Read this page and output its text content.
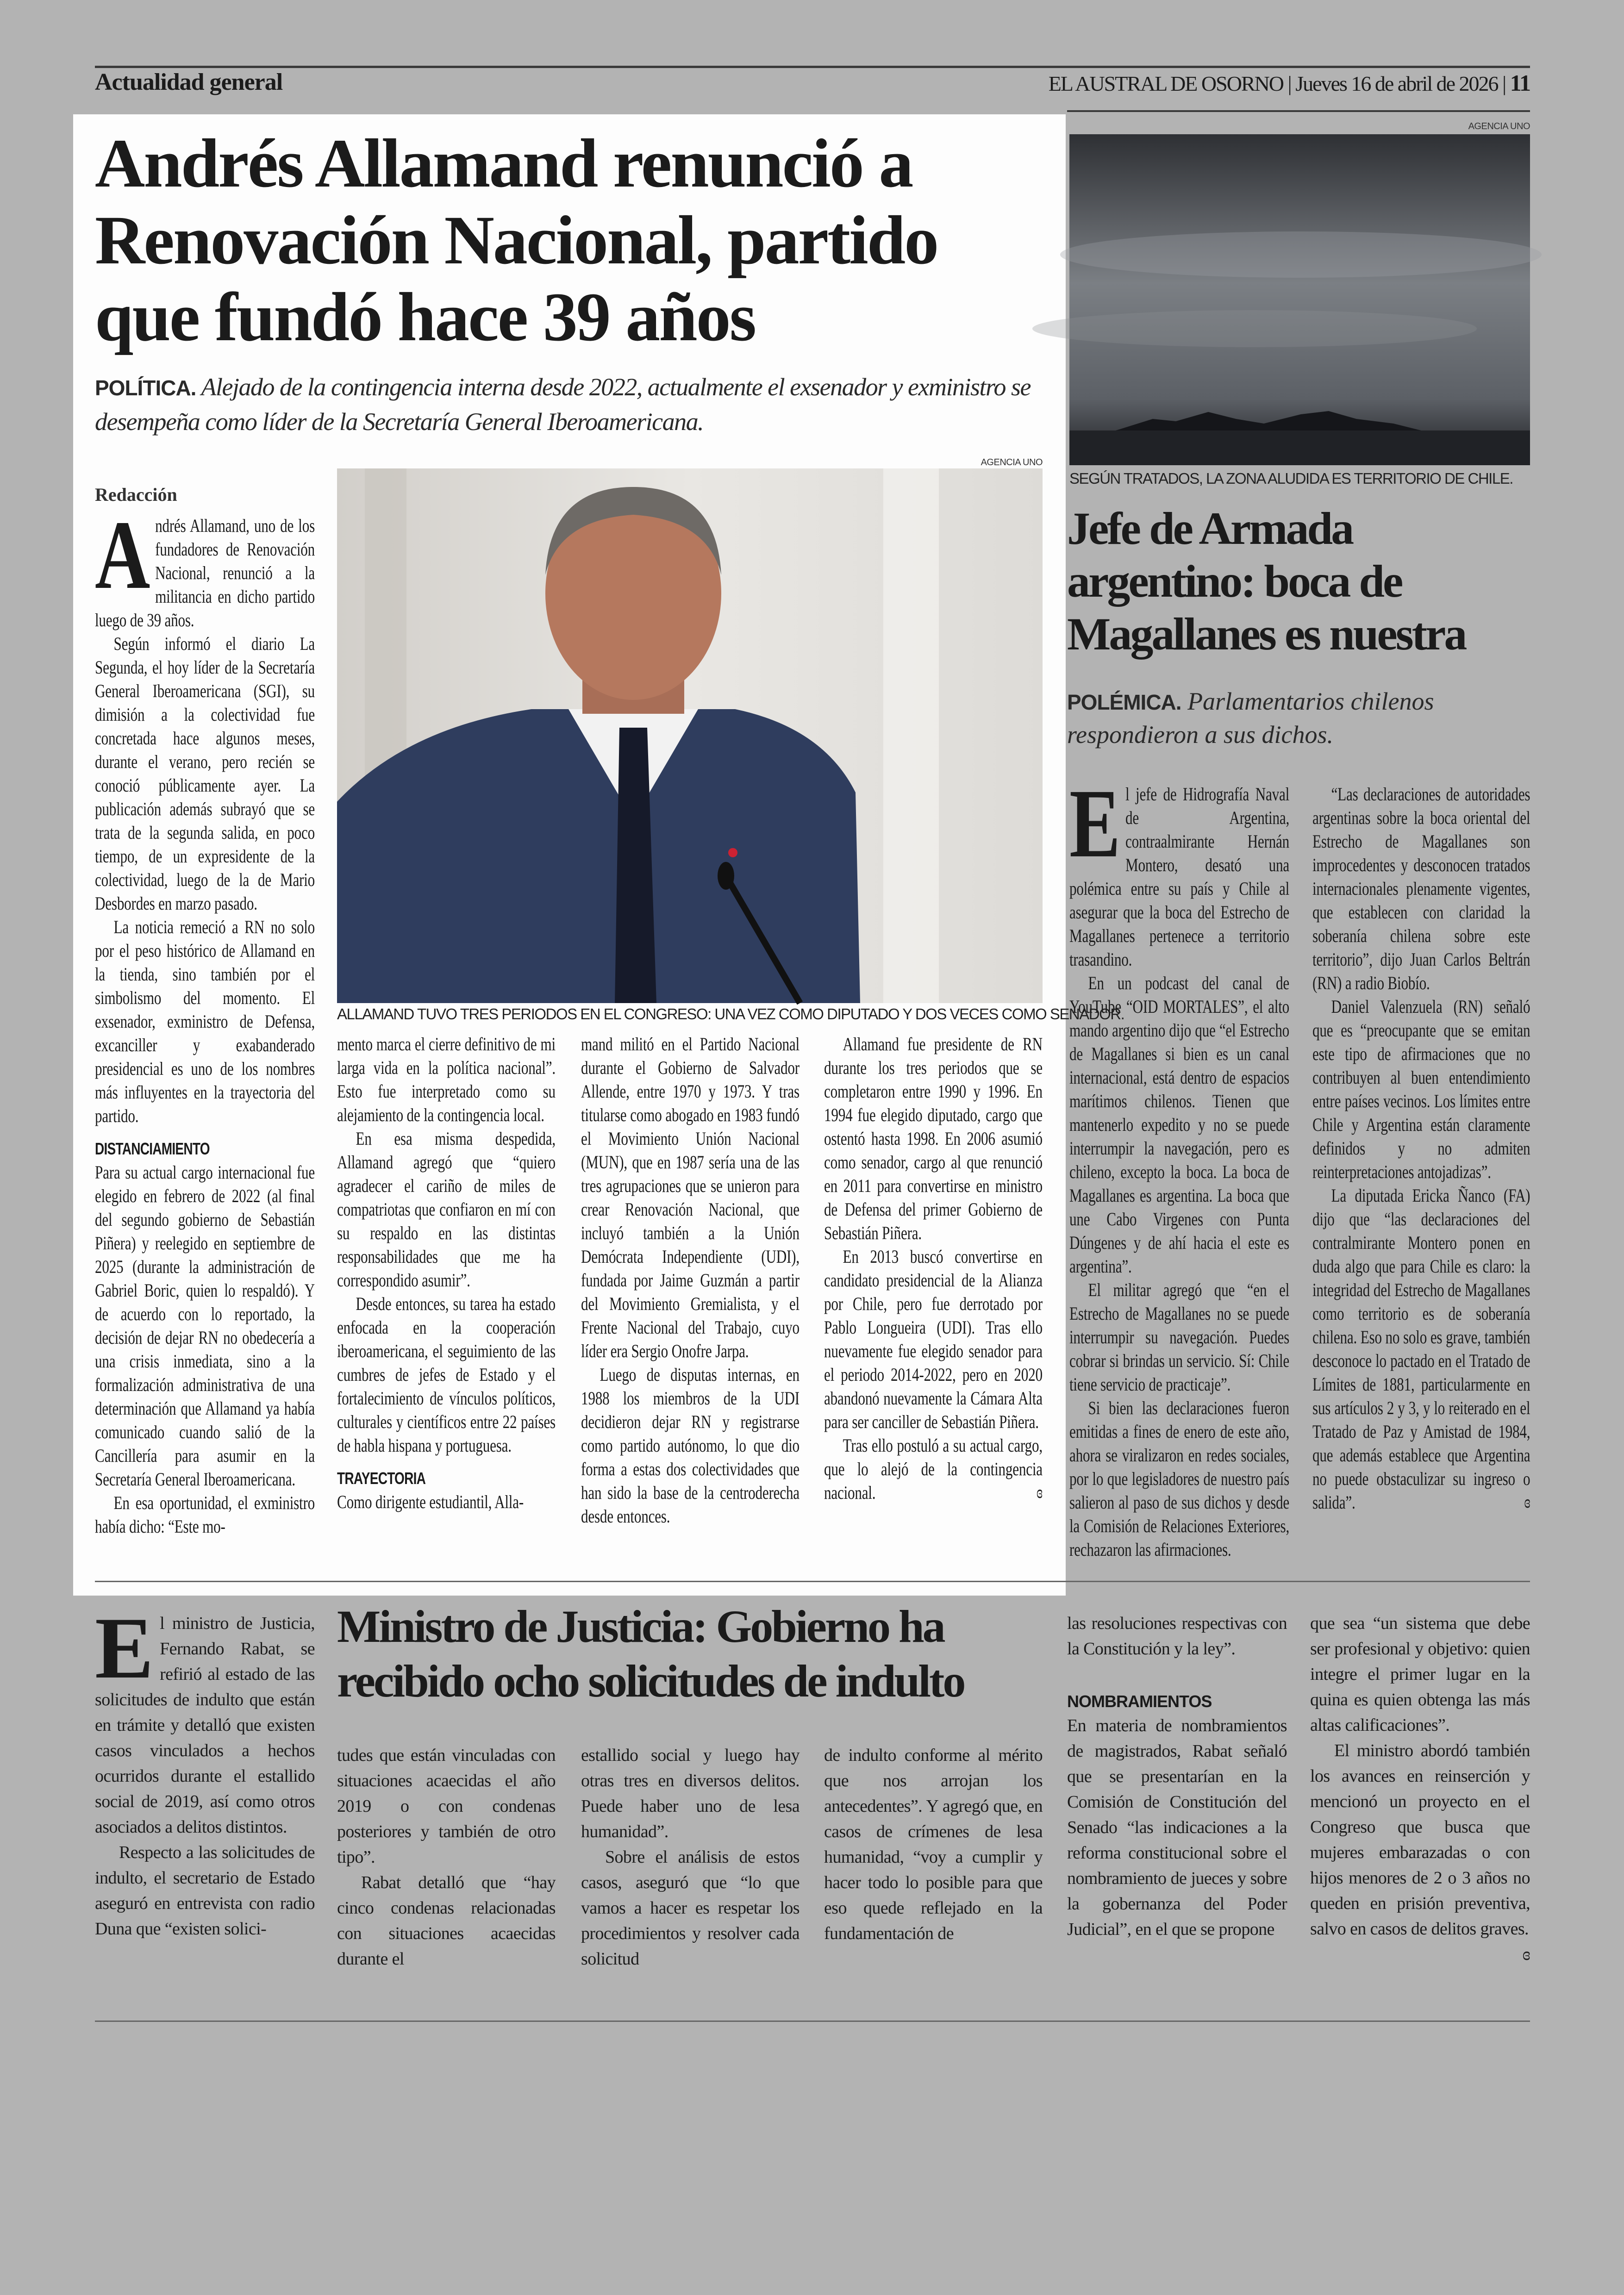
Actualidad general	EL AUSTRAL DE OSORNO | Jueves 16 de abril de 2026 | 11
Andrés Allamand renunció a
Renovación Nacional, partido
que fundó hace 39 años
POLÍTICA. Alejado de la contingencia interna desde 2022, actualmente el exsenador y exministro se desempeña como líder de la Secretaría General Iberoamericana.
Redacción
AGENCIA UNO
ALLAMAND TUVO TRES PERIODOS EN EL CONGRESO: UNA VEZ COMO DIPUTADO Y DOS VECES COMO SENADOR.
A ndrés Allamand, uno de los fundadores de Renovación Nacional, renunció a la militancia en dicho partido luego de 39 años.

Según informó el diario La Segunda, el hoy líder de la Secretaría General Iberoamericana (SGI), su dimisión a la colectividad fue concretada hace algunos meses, durante el verano, pero recién se conoció públicamente ayer. La publicación además subrayó que se trata de la segunda salida, en poco tiempo, de un expresidente de la colectividad, luego de la de Mario Desbordes en marzo pasado.

La noticia remeció a RN no solo por el peso histórico de Allamand en la tienda, sino también por el simbolismo del momento. El exsenador, exministro de Defensa, excanciller y exabanderado presidencial es uno de los nombres más influyentes en la trayectoria del partido.

DISTANCIAMIENTO

Para su actual cargo internacional fue elegido en febrero de 2022 (al final del segundo gobierno de Sebastián Piñera) y reelegido en septiembre de 2025 (durante la administración de Gabriel Boric, quien lo respaldó). Y de acuerdo con lo reportado, la decisión de dejar RN no obedecería a una crisis inmediata, sino a la formalización administrativa de una determinación que Allamand ya había comunicado cuando salió de la Cancillería para asumir en la Secretaría General Iberoamericana.

En esa oportunidad, el exministro había dicho: “Este mo-

mento marca el cierre definitivo de mi larga vida en la política nacional”. Esto fue interpretado como su alejamiento de la contingencia local.

En esa misma despedida, Allamand agregó que “quiero agradecer el cariño de miles de compatriotas que confiaron en mí con su respaldo en las distintas responsabilidades que me ha correspondido asumir”.

Desde entonces, su tarea ha estado enfocada en la cooperación iberoamericana, el seguimiento de las cumbres de jefes de Estado y el fortalecimiento de vínculos políticos, culturales y científicos entre 22 países de habla hispana y portuguesa.

TRAYECTORIA

Como dirigente estudiantil, Alla-

mand militó en el Partido Nacional durante el Gobierno de Salvador Allende, entre 1970 y 1973. Y tras titularse como abogado en 1983 fundó el Movimiento Unión Nacional (MUN), que en 1987 sería una de las tres agrupaciones que se unieron para crear Renovación Nacional, que incluyó también a la Unión Demócrata Independiente (UDI), fundada por Jaime Guzmán a partir del Movimiento Gremialista, y el Frente Nacional del Trabajo, cuyo líder era Sergio Onofre Jarpa.

Luego de disputas internas, en 1988 los miembros de la UDI decidieron dejar RN y registrarse como partido autónomo, lo que dio forma a estas dos colectividades que han sido la base de la centroderecha desde entonces.

Allamand fue presidente de RN durante los tres periodos que se completaron entre 1990 y 1996. En 1994 fue elegido diputado, cargo que ostentó hasta 1998. En 2006 asumió como senador, cargo al que renunció en 2011 para convertirse en ministro de Defensa del primer Gobierno de Sebastián Piñera.

En 2013 buscó convertirse en candidato presidencial de la Alianza por Chile, pero fue derrotado por Pablo Longueira (UDI). Tras ello nuevamente fue elegido senador para el periodo 2014-2022, pero en 2020 abandonó nuevamente la Cámara Alta para ser canciller de Sebastián Piñera.

Tras ello postuló a su actual cargo, que lo alejó de la contingencia nacional.	ɞ

AGENCIA UNO
SEGÚN TRATADOS, LA ZONA ALUDIDA ES TERRITORIO DE CHILE.
Jefe de Armada
argentino: boca de
Magallanes es nuestra
POLÉMICA. Parlamentarios chilenos respondieron a sus dichos.
E l jefe de Hidrografía Naval de Argentina, contraalmirante Hernán Montero, desató una polémica entre su país y Chile al asegurar que la boca del Estrecho de Magallanes pertenece a territorio trasandino.

En un podcast del canal de YouTube “OID MORTALES”, el alto mando argentino dijo que “el Estrecho de Magallanes si bien es un canal internacional, está dentro de espacios marítimos chilenos. Tienen que mantenerlo expedito y no se puede interrumpir la navegación, pero es chileno, excepto la boca. La boca de Magallanes es argentina. La boca que une Cabo Virgenes con Punta Dúngenes y de ahí hacia el este es argentina”.

El militar agregó que “en el Estrecho de Magallanes no se puede interrumpir su navegación. Puedes cobrar si brindas un servicio. Sí: Chile tiene servicio de practicaje”.

Si bien las declaraciones fueron emitidas a fines de enero de este año, ahora se viralizaron en redes sociales, por lo que legisladores de nuestro país salieron al paso de sus dichos y desde la Comisión de Relaciones Exteriores, rechazaron las afirmaciones.

“Las declaraciones de autoridades argentinas sobre la boca oriental del Estrecho de Magallanes son improcedentes y desconocen tratados internacionales plenamente vigentes, que establecen con claridad la soberanía chilena sobre este territorio”, dijo Juan Carlos Beltrán (RN) a radio Biobío.

Daniel Valenzuela (RN) señaló que es “preocupante que se emitan este tipo de afirmaciones que no contribuyen al buen entendimiento entre países vecinos. Los límites entre Chile y Argentina están claramente definidos y no admiten reinterpretaciones antojadizas”.

La diputada Ericka Ñanco (FA) dijo que “las declaraciones del contralmirante Montero ponen en duda algo que para Chile es claro: la integridad del Estrecho de Magallanes como territorio es de soberanía chilena. Eso no solo es grave, también desconoce lo pactado en el Tratado de Límites de 1881, particularmente en sus artículos 2 y 3, y lo reiterado en el Tratado de Paz y Amistad de 1984, que además establece que Argentina no puede obstaculizar su ingreso o salida”.	ɞ

Ministro de Justicia: Gobierno ha
recibido ocho solicitudes de indulto
E l ministro de Justicia, Fernando Rabat, se refirió al estado de las solicitudes de indulto que están en trámite y detalló que existen casos vinculados a hechos ocurridos durante el estallido social de 2019, así como otros asociados a delitos distintos.

Respecto a las solicitudes de indulto, el secretario de Estado aseguró en entrevista con radio Duna que “existen solici-

tudes que están vinculadas con situaciones acaecidas el año 2019 o con condenas posteriores y también de otro tipo”.

Rabat detalló que “hay cinco condenas relacionadas con situaciones acaecidas durante el

estallido social y luego hay otras tres en diversos delitos. Puede haber uno de lesa humanidad”.

Sobre el análisis de estos casos, aseguró que “lo que vamos a hacer es respetar los procedimientos y resolver cada solicitud

de indulto conforme al mérito que nos arrojan los antecedentes”. Y agregó que, en casos de crímenes de lesa humanidad, “voy a cumplir y hacer todo lo posible para que eso quede reflejado en la fundamentación de

las resoluciones respectivas con la Constitución y la ley”.

NOMBRAMIENTOS

En materia de nombramientos de magistrados, Rabat señaló que se presentarían en la Comisión de Constitución del Senado “las indicaciones a la reforma constitucional sobre el nombramiento de jueces y sobre la gobernanza del Poder Judicial”, en el que se propone

que sea “un sistema que debe ser profesional y objetivo: quien integre el primer lugar en la quina es quien obtenga las más altas calificaciones”.

El ministro abordó también los avances en reinserción y mencionó un proyecto en el Congreso que busca que mujeres embarazadas o con hijos menores de 2 o 3 años no queden en prisión preventiva, salvo en casos de delitos graves.
ɞ
